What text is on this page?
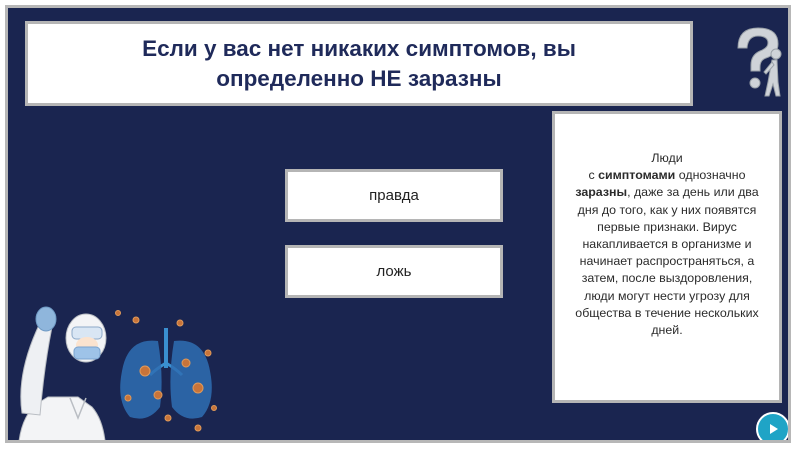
Если у вас нет никаких симптомов, вы
определенно НЕ заразны
правда
ложь
Люди
с симптомами однозначно заразны, даже за день или два дня до того, как у них появятся первые признаки. Вирус накапливается в организме и начинает распространяться, а затем, после выздоровления, люди могут нести угрозу для общества в течение нескольких дней.
